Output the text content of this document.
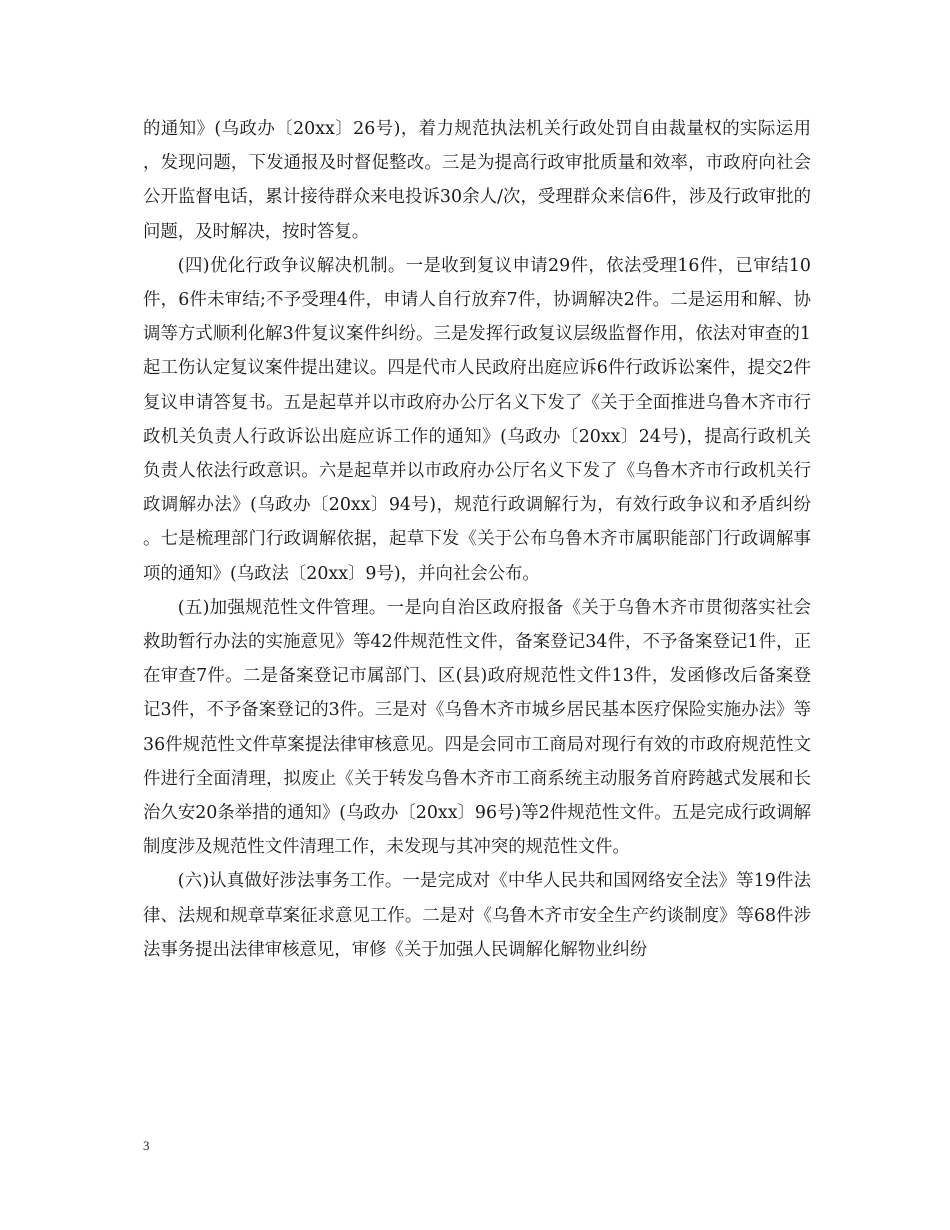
的通知》(乌政办〔20xx〕26号)，着力规范执法机关行政处罚自由裁量权的实际运用，发现问题，下发通报及时督促整改。三是为提高行政审批质量和效率，市政府向社会公开监督电话，累计接待群众来电投诉30余人/次，受理群众来信6件，涉及行政审批的问题，及时解决，按时答复。

(四)优化行政争议解决机制。一是收到复议申请29件，依法受理16件，已审结10件，6件未审结;不予受理4件，申请人自行放弃7件，协调解决2件。二是运用和解、协调等方式顺利化解3件复议案件纠纷。三是发挥行政复议层级监督作用，依法对审查的1起工伤认定复议案件提出建议。四是代市人民政府出庭应诉6件行政诉讼案件，提交2件复议申请答复书。五是起草并以市政府办公厅名义下发了《关于全面推进乌鲁木齐市行政机关负责人行政诉讼出庭应诉工作的通知》(乌政办〔20xx〕24号)，提高行政机关负责人依法行政意识。六是起草并以市政府办公厅名义下发了《乌鲁木齐市行政机关行政调解办法》(乌政办〔20xx〕94号)，规范行政调解行为，有效行政争议和矛盾纠纷。七是梳理部门行政调解依据，起草下发《关于公布乌鲁木齐市属职能部门行政调解事项的通知》(乌政法〔20xx〕9号)，并向社会公布。

(五)加强规范性文件管理。一是向自治区政府报备《关于乌鲁木齐市贯彻落实社会救助暂行办法的实施意见》等42件规范性文件，备案登记34件，不予备案登记1件，正在审查7件。二是备案登记市属部门、区(县)政府规范性文件13件，发函修改后备案登记3件，不予备案登记的3件。三是对《乌鲁木齐市城乡居民基本医疗保险实施办法》等36件规范性文件草案提法律审核意见。四是会同市工商局对现行有效的市政府规范性文件进行全面清理，拟废止《关于转发乌鲁木齐市工商系统主动服务首府跨越式发展和长治久安20条举措的通知》(乌政办〔20xx〕96号)等2件规范性文件。五是完成行政调解制度涉及规范性文件清理工作，未发现与其冲突的规范性文件。

(六)认真做好涉法事务工作。一是完成对《中华人民共和国网络安全法》等19件法律、法规和规章草案征求意见工作。二是对《乌鲁木齐市安全生产约谈制度》等68件涉法事务提出法律审核意见，审修《关于加强人民调解化解物业纠纷

3
